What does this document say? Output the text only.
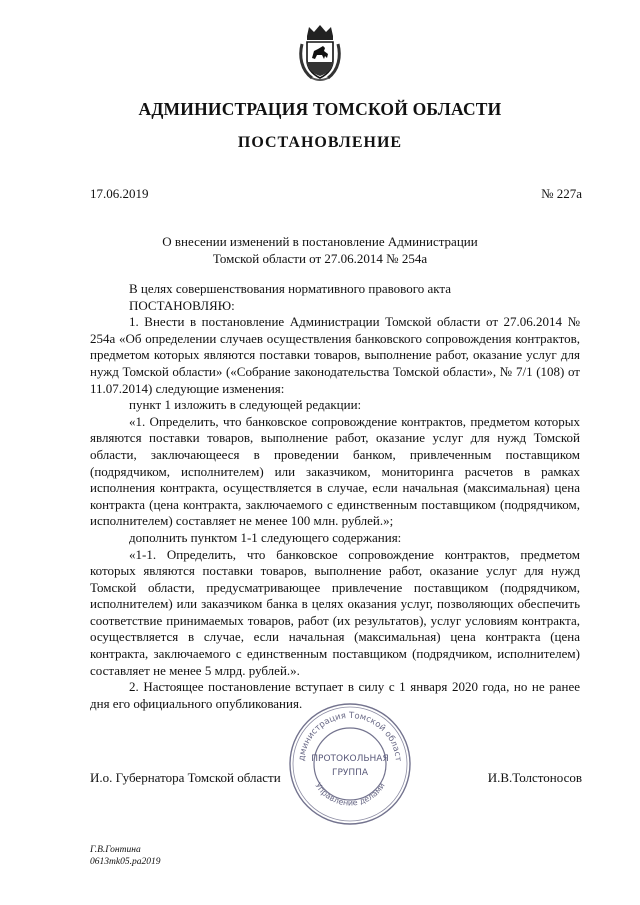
АДМИНИСТРАЦИЯ ТОМСКОЙ ОБЛАСТИ
ПОСТАНОВЛЕНИЕ
17.06.2019	№ 227а
О внесении изменений в постановление Администрации
Томской области от 27.06.2014 № 254а

В целях совершенствования нормативного правового акта

ПОСТАНОВЛЯЮ:

1. Внести в постановление Администрации Томской области от 27.06.2014 № 254а «Об определении случаев осуществления банковского сопровождения контрактов, предметом которых являются поставки товаров, выполнение работ, оказание услуг для нужд Томской области» («Собрание законодательства Томской области», № 7/1 (108) от 11.07.2014) следующие изменения:

пункт 1 изложить в следующей редакции:

«1. Определить, что банковское сопровождение контрактов, предметом которых являются поставки товаров, выполнение работ, оказание услуг для нужд Томской области, заключающееся в проведении банком, привлеченным поставщиком (подрядчиком, исполнителем) или заказчиком, мониторинга расчетов в рамках исполнения контракта, осуществляется в случае, если начальная (максимальная) цена контракта (цена контракта, заключаемого с единственным поставщиком (подрядчиком, исполнителем) составляет не менее 100 млн. рублей.»;

дополнить пунктом 1-1 следующего содержания:

«1-1. Определить, что банковское сопровождение контрактов, предметом которых являются поставки товаров, выполнение работ, оказание услуг для нужд Томской области, предусматривающее привлечение поставщиком (подрядчиком, исполнителем) или заказчиком банка в целях оказания услуг, позволяющих обеспечить соответствие принимаемых товаров, работ (их результатов), услуг условиям контракта, осуществляется в случае, если начальная (максимальная) цена контракта (цена контракта, заключаемого с единственным поставщиком (подрядчиком, исполнителем) составляет не менее 5 млрд. рублей.».

2. Настоящее постановление вступает в силу с 1 января 2020 года, но не ранее дня его официального опубликования.

дминистрация Томской област
Управление делами
ПРОТОКОЛЬНАЯ
ГРУППА
И.о. Губернатора Томской области	И.В.Толстоносов
Г.В.Гонтина
0613mk05.ра2019
